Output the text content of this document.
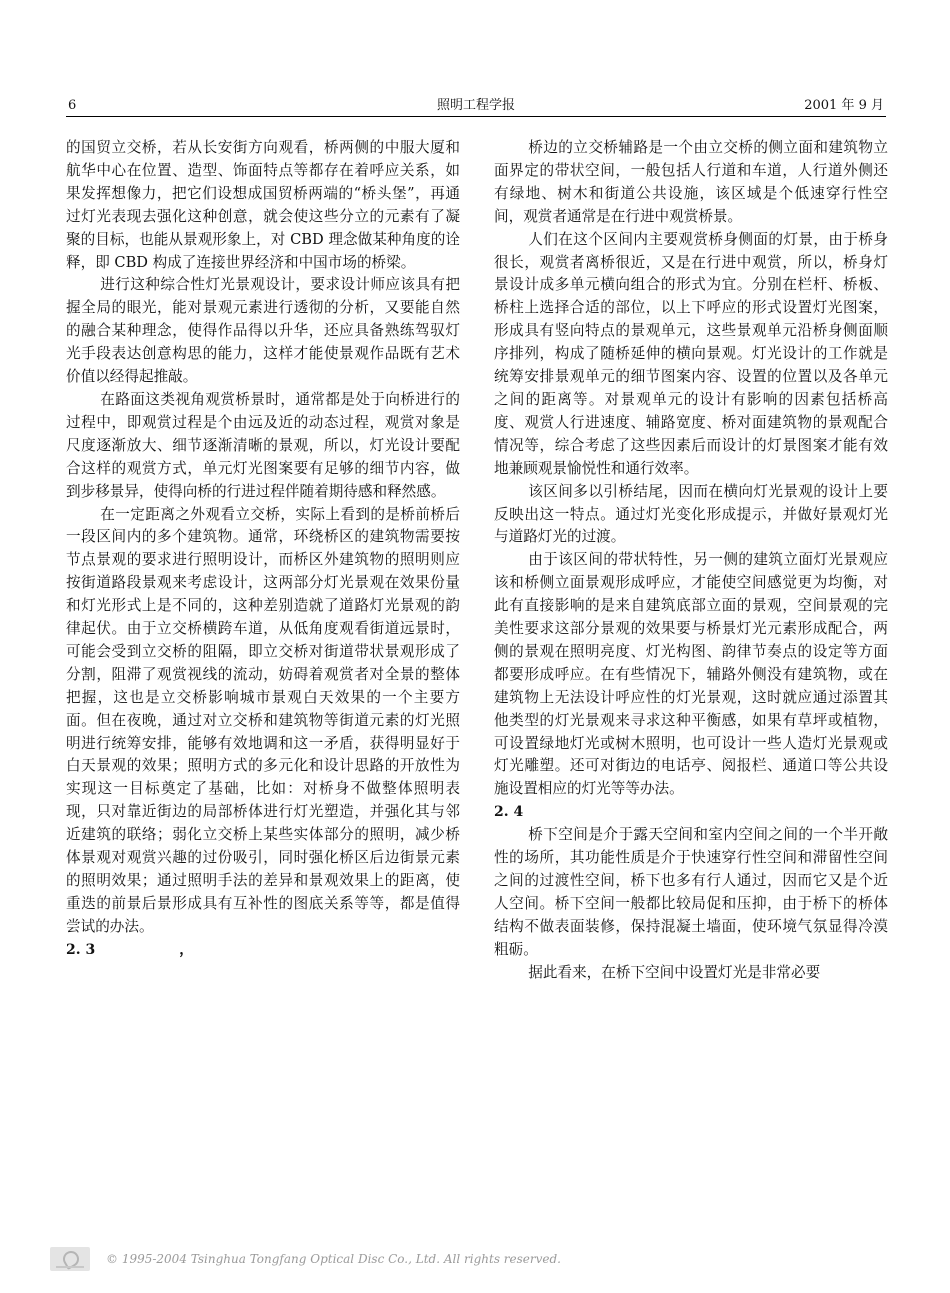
6	照明工程学报	2001 年 9 月

的国贸立交桥，若从长安街方向观看，桥两侧的中服大厦和航华中心在位置、造型、饰面特点等都存在着呼应关系，如果发挥想像力，把它们设想成国贸桥两端的“桥头堡”，再通过灯光表现去强化这种创意，就会使这些分立的元素有了凝聚的目标，也能从景观形象上，对 CBD 理念做某种角度的诠释，即 CBD 构成了连接世界经济和中国市场的桥梁。

进行这种综合性灯光景观设计，要求设计师应该具有把握全局的眼光，能对景观元素进行透彻的分析，又要能自然的融合某种理念，使得作品得以升华，还应具备熟练驾驭灯光手段表达创意构思的能力，这样才能使景观作品既有艺术价值以经得起推敲。

在路面这类视角观赏桥景时，通常都是处于向桥进行的过程中，即观赏过程是个由远及近的动态过程，观赏对象是尺度逐渐放大、细节逐渐清晰的景观，所以，灯光设计要配合这样的观赏方式，单元灯光图案要有足够的细节内容，做到步移景异，使得向桥的行进过程伴随着期待感和释然感。

在一定距离之外观看立交桥，实际上看到的是桥前桥后一段区间内的多个建筑物。通常，环绕桥区的建筑物需要按节点景观的要求进行照明设计，而桥区外建筑物的照明则应按街道路段景观来考虑设计，这两部分灯光景观在效果份量和灯光形式上是不同的，这种差别造就了道路灯光景观的韵律起伏。由于立交桥横跨车道，从低角度观看街道远景时，可能会受到立交桥的阻隔，即立交桥对街道带状景观形成了分割，阻滞了观赏视线的流动，妨碍着观赏者对全景的整体把握，这也是立交桥影响城市景观白天效果的一个主要方面。但在夜晚，通过对立交桥和建筑物等街道元素的灯光照明进行统筹安排，能够有效地调和这一矛盾，获得明显好于白天景观的效果；照明方式的多元化和设计思路的开放性为实现这一目标奠定了基础，比如：对桥身不做整体照明表现，只对靠近街边的局部桥体进行灯光塑造，并强化其与邻近建筑的联络；弱化立交桥上某些实体部分的照明，减少桥体景观对观赏兴趣的过份吸引，同时强化桥区后边街景元素的照明效果；通过照明手法的差异和景观效果上的距离，使重迭的前景后景形成具有互补性的图底关系等等，都是值得尝试的办法。

2. 3　　　　　　，

桥边的立交桥辅路是一个由立交桥的侧立面和建筑物立面界定的带状空间，一般包括人行道和车道，人行道外侧还有绿地、树木和街道公共设施，该区域是个低速穿行性空间，观赏者通常是在行进中观赏桥景。

人们在这个区间内主要观赏桥身侧面的灯景，由于桥身很长，观赏者离桥很近，又是在行进中观赏，所以，桥身灯景设计成多单元横向组合的形式为宜。分别在栏杆、桥板、桥柱上选择合适的部位，以上下呼应的形式设置灯光图案，形成具有竖向特点的景观单元，这些景观单元沿桥身侧面顺序排列，构成了随桥延伸的横向景观。灯光设计的工作就是统筹安排景观单元的细节图案内容、设置的位置以及各单元之间的距离等。对景观单元的设计有影响的因素包括桥高度、观赏人行进速度、辅路宽度、桥对面建筑物的景观配合情况等，综合考虑了这些因素后而设计的灯景图案才能有效地兼顾观景愉悦性和通行效率。

该区间多以引桥结尾，因而在横向灯光景观的设计上要反映出这一特点。通过灯光变化形成提示，并做好景观灯光与道路灯光的过渡。

由于该区间的带状特性，另一侧的建筑立面灯光景观应该和桥侧立面景观形成呼应，才能使空间感觉更为均衡，对此有直接影响的是来自建筑底部立面的景观，空间景观的完美性要求这部分景观的效果要与桥景灯光元素形成配合，两侧的景观在照明亮度、灯光构图、韵律节奏点的设定等方面都要形成呼应。在有些情况下，辅路外侧没有建筑物，或在建筑物上无法设计呼应性的灯光景观，这时就应通过添置其他类型的灯光景观来寻求这种平衡感，如果有草坪或植物，可设置绿地灯光或树木照明，也可设计一些人造灯光景观或灯光雕塑。还可对街边的电话亭、阅报栏、通道口等公共设施设置相应的灯光等等办法。

2. 4

桥下空间是介于露天空间和室内空间之间的一个半开敞性的场所，其功能性质是介于快速穿行性空间和滞留性空间之间的过渡性空间，桥下也多有行人通过，因而它又是个近人空间。桥下空间一般都比较局促和压抑，由于桥下的桥体结构不做表面装修，保持混凝土墙面，使环境气氛显得冷漠粗砺。

据此看来，在桥下空间中设置灯光是非常必要

© 1995-2004 Tsinghua Tongfang Optical Disc Co., Ltd. All rights reserved.
